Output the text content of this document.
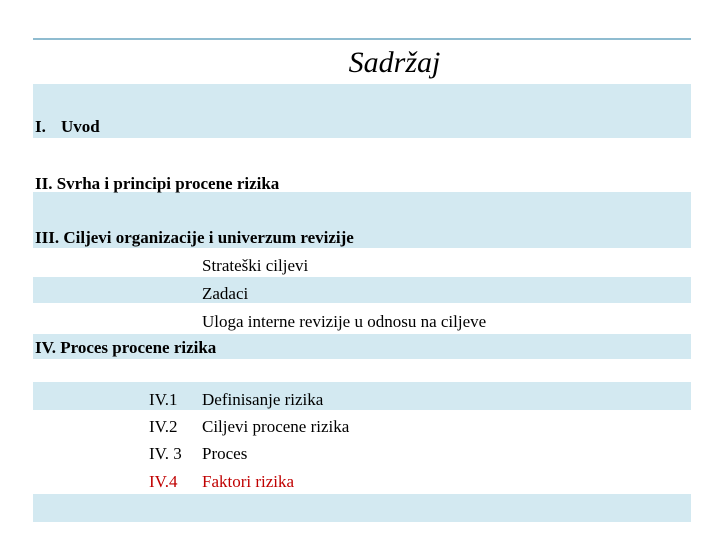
Sadržaj
I. Uvod
II. Svrha i principi procene rizika
III. Ciljevi organizacije i univerzum revizije
Strateški ciljevi
Zadaci
Uloga interne revizije u odnosu na ciljeve
IV. Proces procene rizika
IV.1 Definisanje rizika
IV.2 Ciljevi procene rizika
IV. 3 Proces
IV.4 Faktori rizika
